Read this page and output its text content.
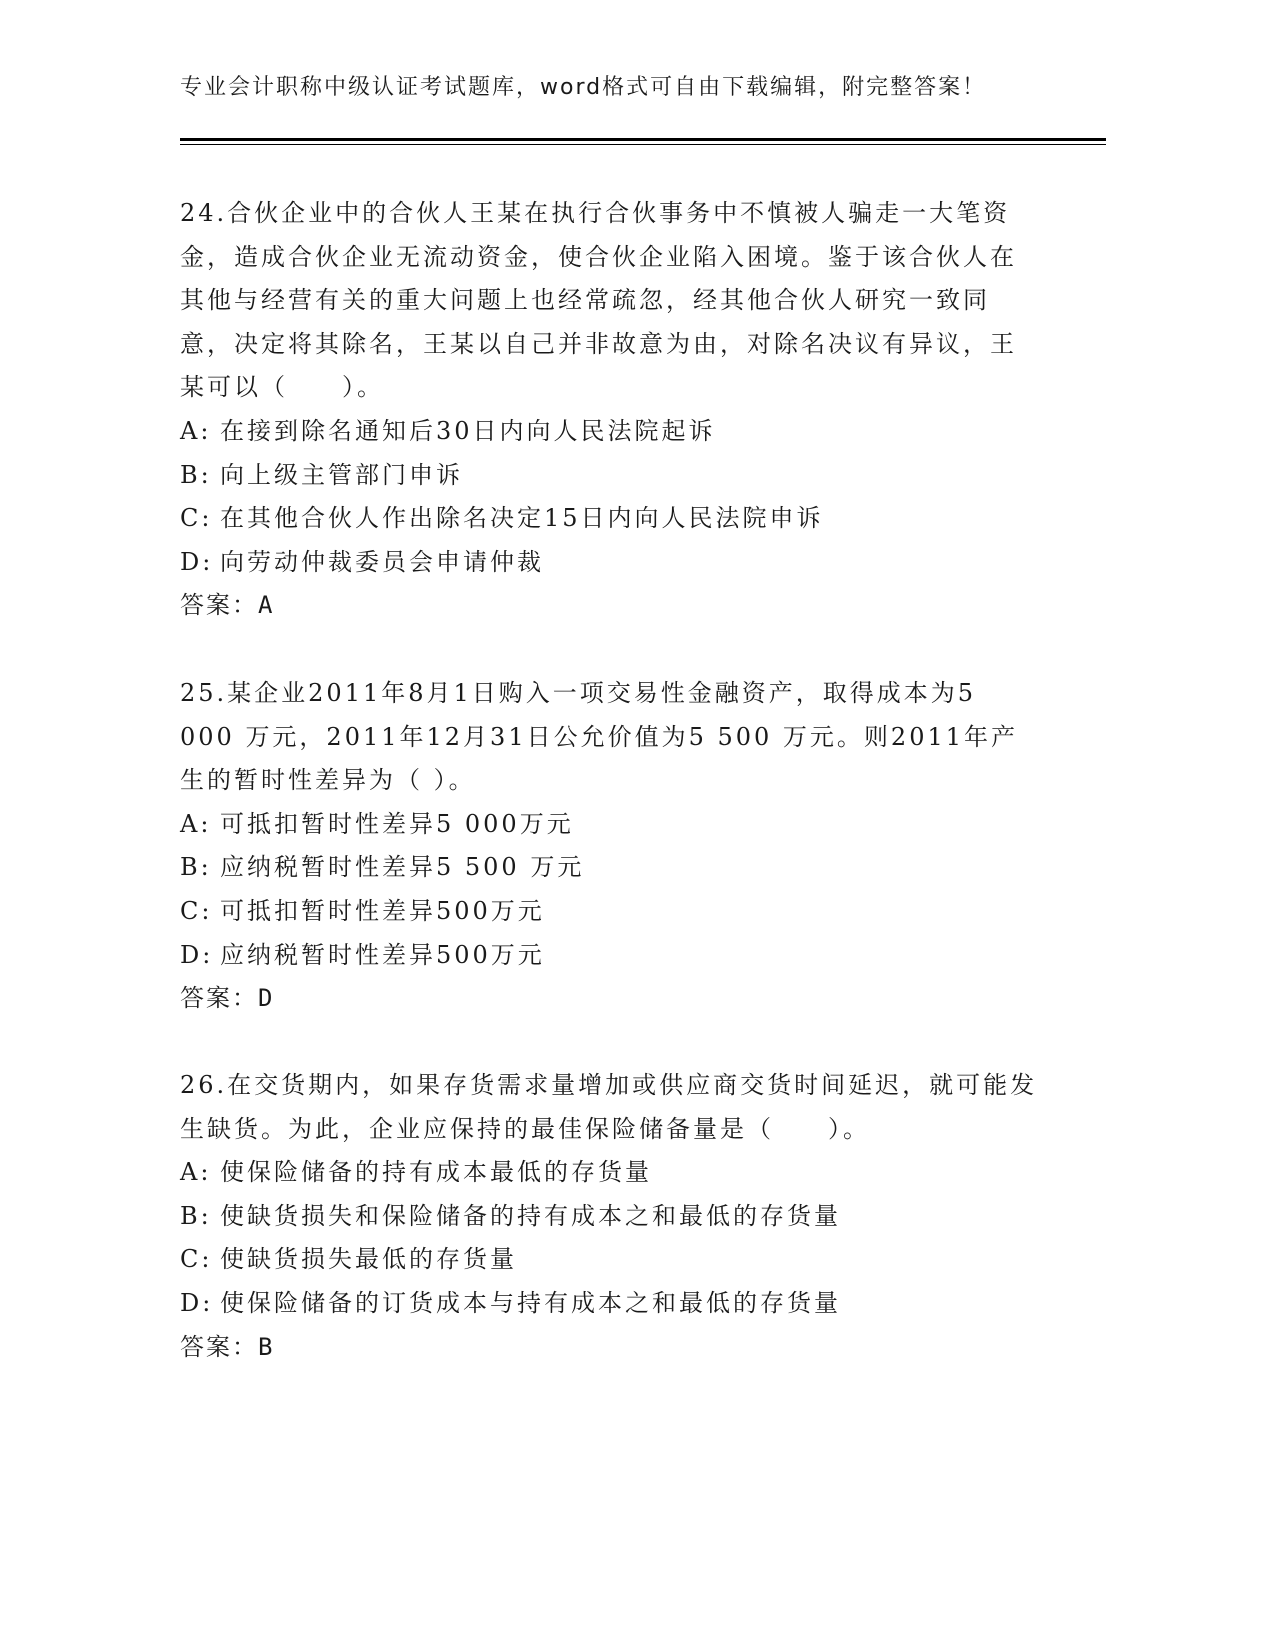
专业会计职称中级认证考试题库，word格式可自由下载编辑，附完整答案！

24.合伙企业中的合伙人王某在执行合伙事务中不慎被人骗走一大笔资金，造成合伙企业无流动资金，使合伙企业陷入困境。鉴于该合伙人在其他与经营有关的重大问题上也经常疏忽，经其他合伙人研究一致同意，决定将其除名，王某以自己并非故意为由，对除名决议有异议，王某可以（　　）。

A: 在接到除名通知后30日内向人民法院起诉

B: 向上级主管部门申诉

C: 在其他合伙人作出除名决定15日内向人民法院申诉

D: 向劳动仲裁委员会申请仲裁

答案：A

25.某企业2011年8月1日购入一项交易性金融资产，取得成本为5 000 万元，2011年12月31日公允价值为5 500 万元。则2011年产生的暂时性差异为（ ）。

A: 可抵扣暂时性差异5 000万元

B: 应纳税暂时性差异5 500 万元

C: 可抵扣暂时性差异500万元

D: 应纳税暂时性差异500万元

答案：D

26.在交货期内，如果存货需求量增加或供应商交货时间延迟，就可能发生缺货。为此，企业应保持的最佳保险储备量是（　　）。

A: 使保险储备的持有成本最低的存货量

B: 使缺货损失和保险储备的持有成本之和最低的存货量

C: 使缺货损失最低的存货量

D: 使保险储备的订货成本与持有成本之和最低的存货量

答案：B
